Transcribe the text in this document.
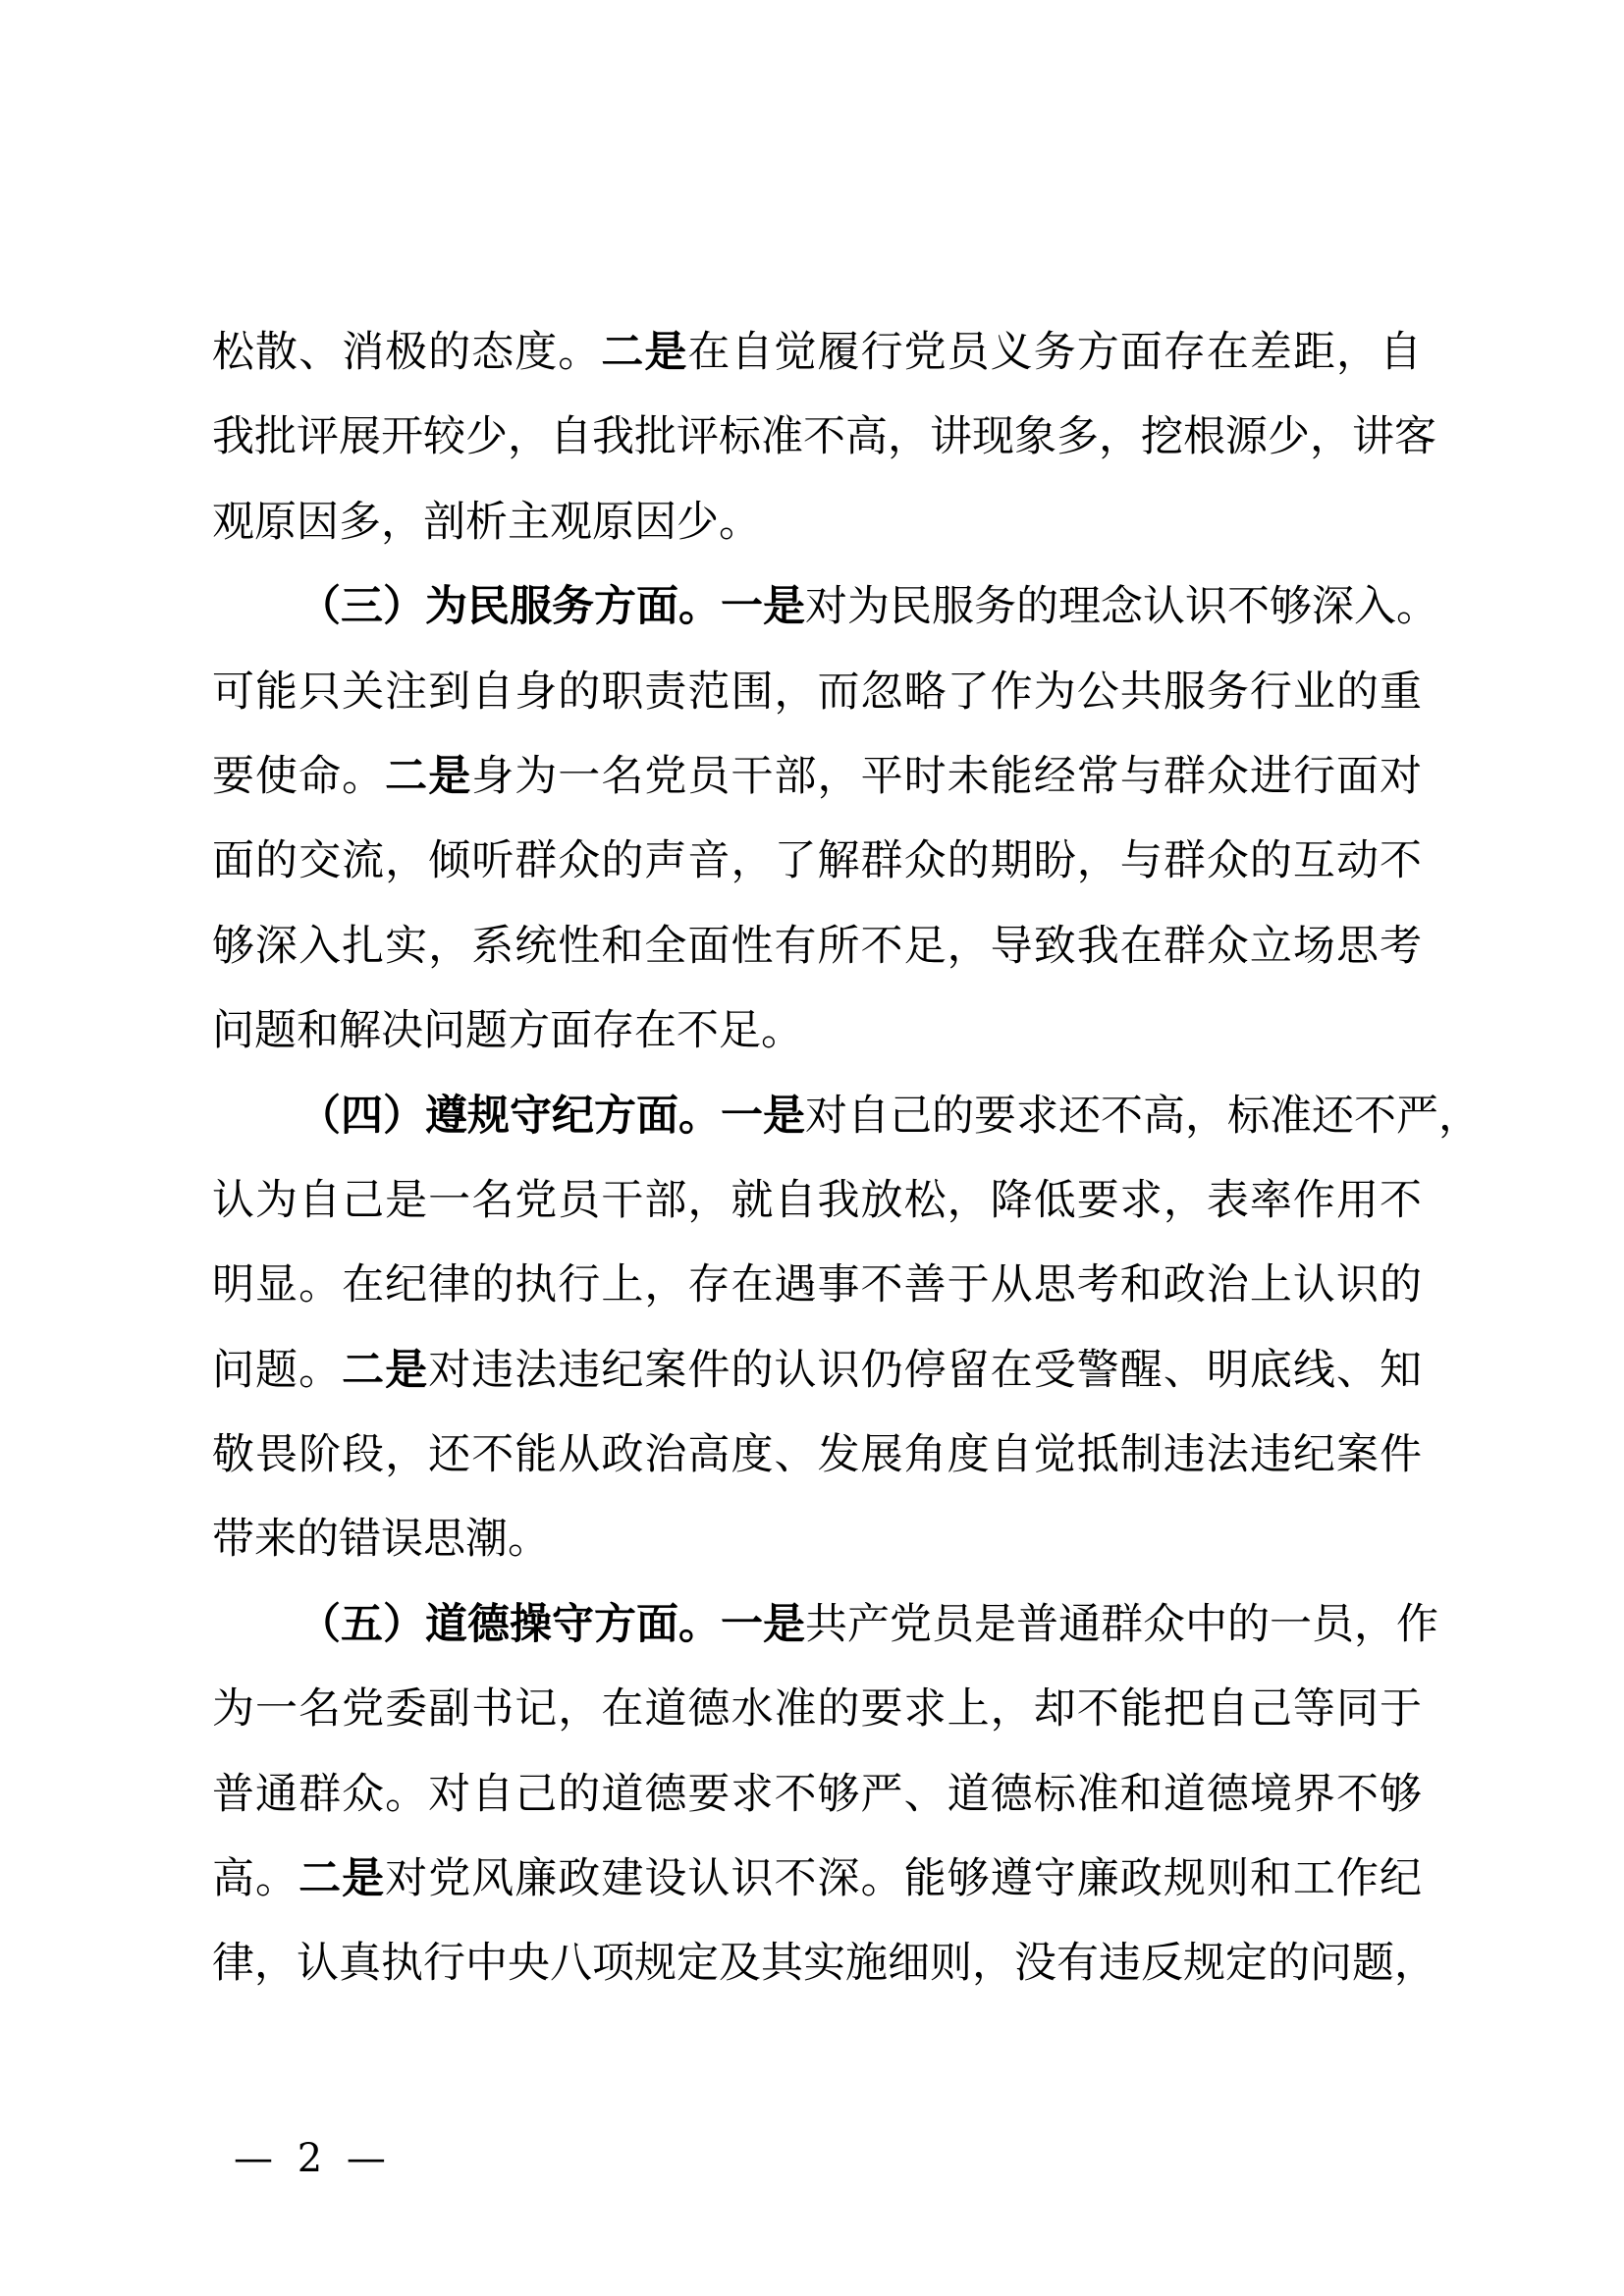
松散、消极的态度。二是在自觉履行党员义务方面存在差距，自
我批评展开较少，自我批评标准不高，讲现象多，挖根源少，讲客
观原因多，剖析主观原因少。
（三）为民服务方面。一是对为民服务的理念认识不够深入。
可能只关注到自身的职责范围，而忽略了作为公共服务行业的重
要使命。二是身为一名党员干部，平时未能经常与群众进行面对
面的交流，倾听群众的声音，了解群众的期盼，与群众的互动不
够深入扎实，系统性和全面性有所不足，导致我在群众立场思考
问题和解决问题方面存在不足。
（四）遵规守纪方面。一是对自己的要求还不高，标准还不严，
认为自己是一名党员干部，就自我放松，降低要求，表率作用不
明显。在纪律的执行上，存在遇事不善于从思考和政治上认识的
问题。二是对违法违纪案件的认识仍停留在受警醒、明底线、知
敬畏阶段，还不能从政治高度、发展角度自觉抵制违法违纪案件
带来的错误思潮。
（五）道德操守方面。一是共产党员是普通群众中的一员，作
为一名党委副书记，在道德水准的要求上，却不能把自己等同于
普通群众。对自己的道德要求不够严、道德标准和道德境界不够
高。二是对党风廉政建设认识不深。能够遵守廉政规则和工作纪
律，认真执行中央八项规定及其实施细则，没有违反规定的问题，
— 2 —
